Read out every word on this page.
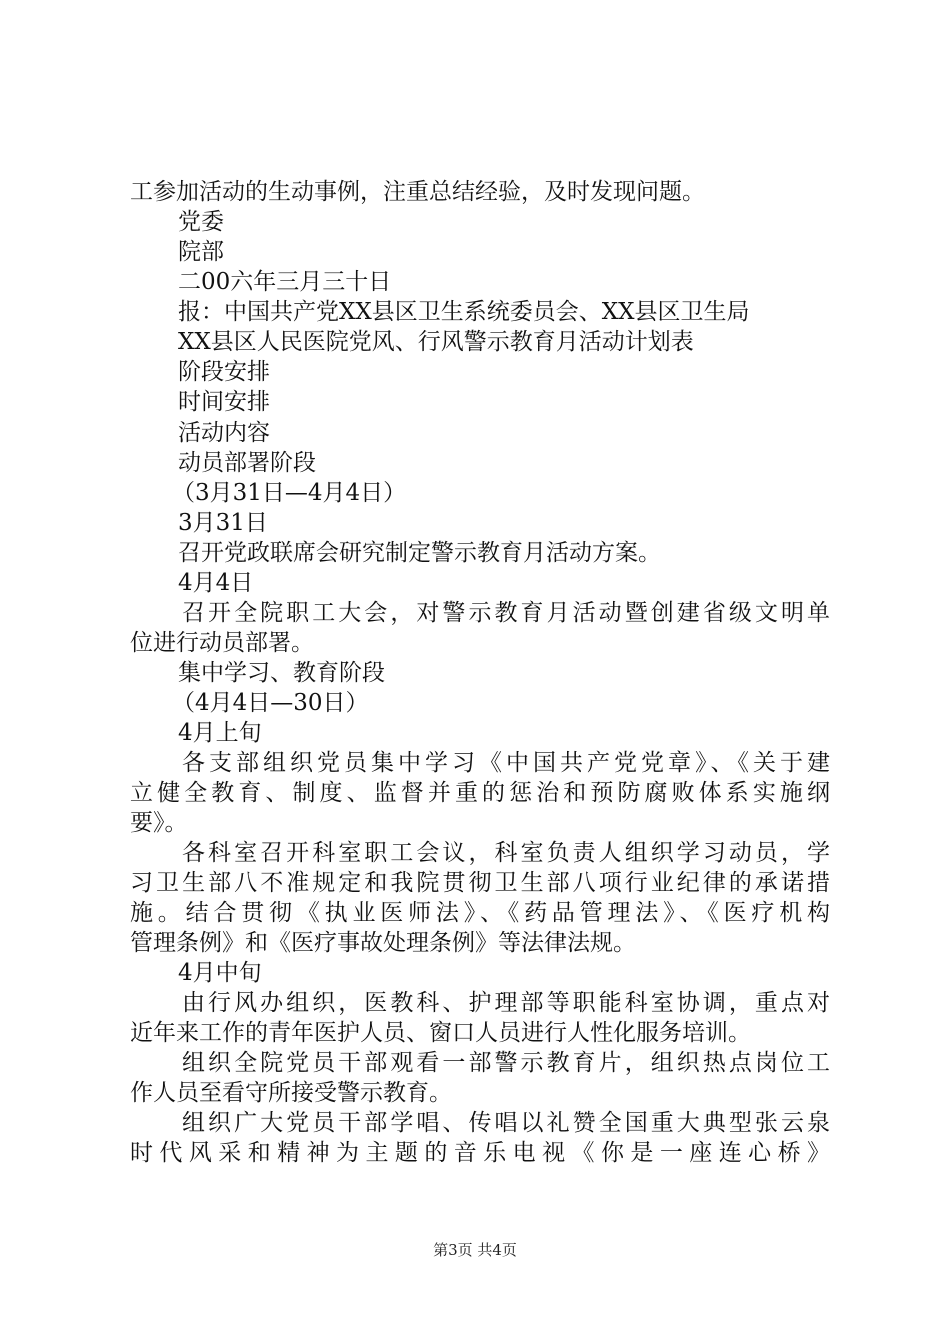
工参加活动的生动事例，注重总结经验，及时发现问题。
党委
院部
二00六年三月三十日
报：中国共产党XX县区卫生系统委员会、XX县区卫生局
XX县区人民医院党风、行风警示教育月活动计划表
阶段安排
时间安排
活动内容
动员部署阶段
（3月31日—4月4日）
3月31日
召开党政联席会研究制定警示教育月活动方案。
4月4日
召开全院职工大会，对警示教育月活动暨创建省级文明单
位进行动员部署。
集中学习、教育阶段
（4月4日—30日）
4月上旬
各支部组织党员集中学习《中国共产党党章》、《关于建
立健全教育、制度、监督并重的惩治和预防腐败体系实施纲
要》。
各科室召开科室职工会议，科室负责人组织学习动员，学
习卫生部八不准规定和我院贯彻卫生部八项行业纪律的承诺措
施。结合贯彻《执业医师法》、《药品管理法》、《医疗机构
管理条例》和《医疗事故处理条例》等法律法规。
4月中旬
由行风办组织，医教科、护理部等职能科室协调，重点对
近年来工作的青年医护人员、窗口人员进行人性化服务培训。
组织全院党员干部观看一部警示教育片，组织热点岗位工
作人员至看守所接受警示教育。
组织广大党员干部学唱、传唱以礼赞全国重大典型张云泉
时代风采和精神为主题的音乐电视《你是一座连心桥》
第3页 共4页
